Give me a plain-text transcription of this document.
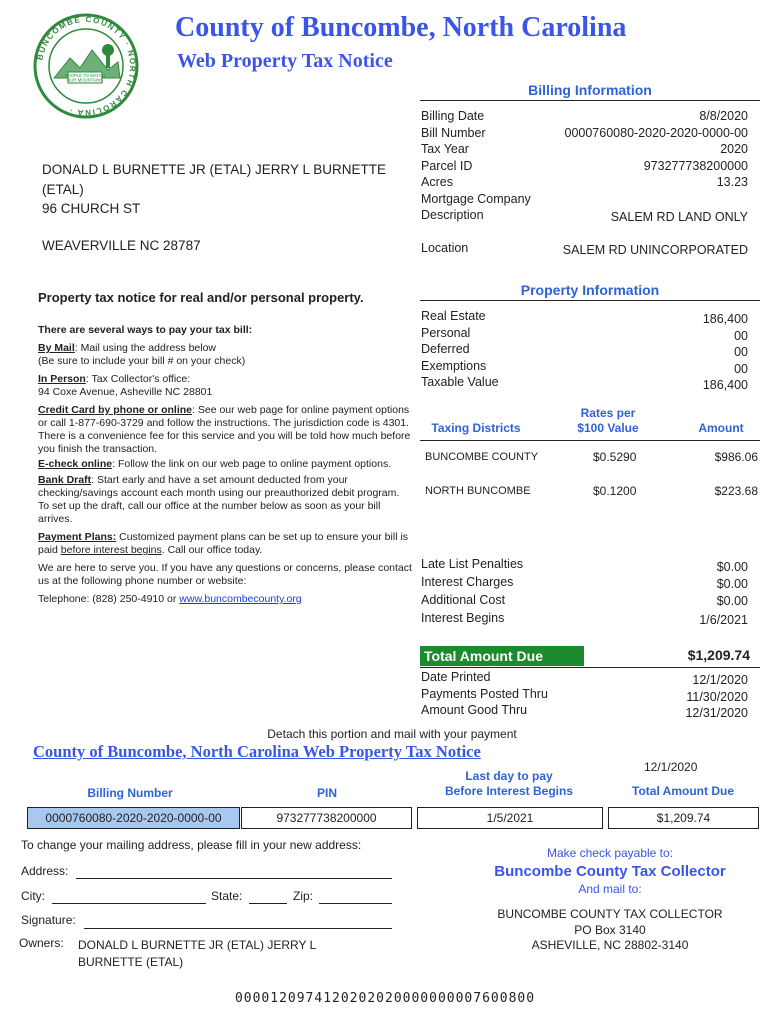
BUNCOMBE COUNTY · NORTH CAROLINA ·
PEOPLE TO MATCH
OUR MOUNTAINS
County of Buncombe, North Carolina
Web Property Tax Notice
DONALD L BURNETTE JR (ETAL) JERRY L BURNETTE
(ETAL)
96 CHURCH ST
WEAVERVILLE NC 28787
Billing Information
Billing Date	8/8/2020
Bill Number	0000760080-2020-2020-0000-00
Tax Year	2020
Parcel ID	973277738200000
Acres	13.23
Mortgage Company
Description	SALEM RD LAND ONLY
Location	SALEM RD UNINCORPORATED
Property Information
Real Estate	186,400
Personal	00
Deferred	00
Exemptions	00
Taxable Value	186,400
Taxing Districts
Rates per
$100 Value	Amount
BUNCOMBE COUNTY	$0.5290	$986.06
NORTH BUNCOMBE	$0.1200	$223.68
Late List Penalties	$0.00
Interest Charges	$0.00
Additional Cost	$0.00
Interest Begins	1/6/2021
Total Amount Due	$1,209.74
Date Printed	12/1/2020
Payments Posted Thru	11/30/2020
Amount Good Thru	12/31/2020
Property tax notice for real and/or personal property.
There are several ways to pay your tax bill:
By Mail: Mail using the address below
(Be sure to include your bill # on your check)
In Person: Tax Collector's office:
94 Coxe Avenue, Asheville NC 28801
Credit Card by phone or online: See our web page for online payment options or call 1-877-690-3729 and follow the instructions. The jurisdiction code is 4301. There is a convenience fee for this service and you will be told how much before you finish the transaction.
E-check online: Follow the link on our web page to online payment options.
Bank Draft: Start early and have a set amount deducted from your checking/savings account each month using our preauthorized debit program. To set up the draft, call our office at the number below as soon as your bill arrives.
Payment Plans: Customized payment plans can be set up to ensure your bill is paid before interest begins. Call our office today.
We are here to serve you. If you have any questions or concerns, please contact us at the following phone number or website:
Telephone: (828) 250-4910 or www.buncombecounty.org
Detach this portion and mail with your payment
County of Buncombe, North Carolina Web Property Tax Notice
12/1/2020
Billing Number	PIN
Last day to pay
Before Interest Begins	Total Amount Due
0000760080-2020-2020-0000-00	973277738200000	1/5/2021	$1,209.74
To change your mailing address, please fill in your new address:
Address:
City:	State:	Zip:
Signature:
Owners: DONALD L BURNETTE JR (ETAL) JERRY L
BURNETTE (ETAL)
Make check payable to:
Buncombe County Tax Collector
And mail to:
BUNCOMBE COUNTY TAX COLLECTOR
PO Box 3140
ASHEVILLE, NC 28802-3140
0000120974120202020000000007600800
